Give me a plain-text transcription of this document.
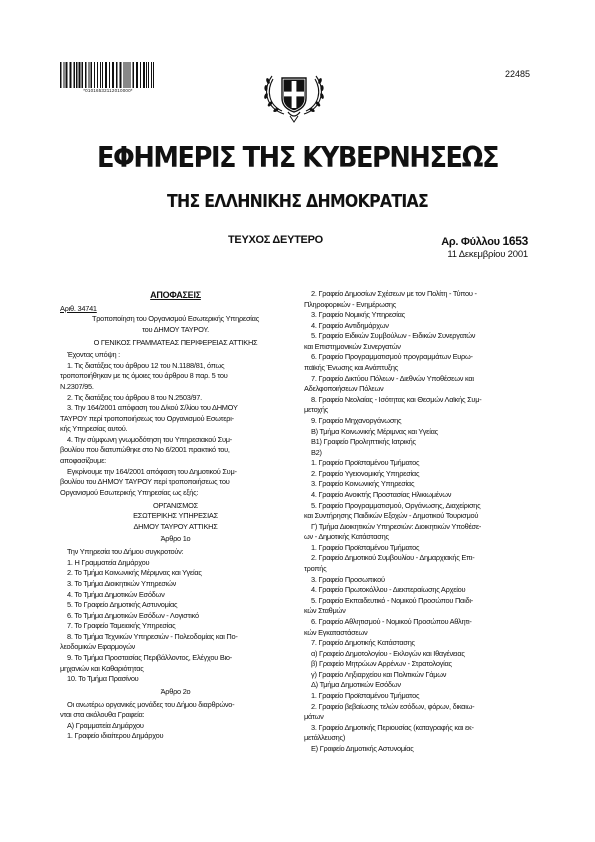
*01016532112010000*
22485
ΕΦΗΜΕΡΙΣ ΤΗΣ ΚΥΒΕΡΝΗΣΕΩΣ
ΤΗΣ ΕΛΛΗΝΙΚΗΣ ΔΗΜΟΚΡΑΤΙΑΣ
ΤΕΥΧΟΣ ΔΕΥΤΕΡΟ	Αρ. Φύλλου 1653
11 Δεκεμβρίου 2001

ΑΠΟΦΑΣΕΙΣ

Αριθ. 34741

Τροποποίηση του Οργανισμού Εσωτερικής Υπηρεσίας

του ΔΗΜΟΥ ΤΑΥΡΟΥ.

Ο ΓΕΝΙΚΟΣ ΓΡΑΜΜΑΤΕΑΣ ΠΕΡΙΦΕΡΕΙΑΣ ΑΤΤΙΚΗΣ

Έχοντας υπόψη :

1. Τις διατάξεις του άρθρου 12 του Ν.1188/81, όπως

τροποποιήθηκαν με τις όμοιες του άρθρου 8 παρ. 5 του

Ν.2307/95.

2. Τις διατάξεις του άρθρου 8 του Ν.2503/97.

3. Την 164/2001 απόφαση του Δ/κού Σ/λίου του ΔΗΜΟΥ

ΤΑΥΡΟΥ περί τροποποιήσεως του Οργανισμού Εσωτερι-

κής Υπηρεσίας αυτού.

4. Την σύμφωνη γνωμοδότηση του Υπηρεσιακού Συμ-

βουλίου που διατυπώθηκε στο Νο 6/2001 πρακτικό του,

αποφασίζουμε:

Εγκρίνουμε την 164/2001 απόφαση του Δημοτικού Συμ-

βουλίου του ΔΗΜΟΥ ΤΑΥΡΟΥ περί τροποποιήσεως του

Οργανισμού Εσωτερικής Υπηρεσίας ως εξής:

ΟΡΓΑΝΙΣΜΟΣ

ΕΣΩΤΕΡΙΚΗΣ ΥΠΗΡΕΣΙΑΣ

ΔΗΜΟΥ ΤΑΥΡΟΥ ΑΤΤΙΚΗΣ

Άρθρο 1ο

Την Υπηρεσία του Δήμου συγκροτούν:

1. Η Γραμματεία Δημάρχου

2. Το Τμήμα Κοινωνικής Μέριμνας και Υγείας

3. Το Τμήμα Διοικητικών Υπηρεσιών

4. Το Τμήμα Δημοτικών Εσόδων

5. Το Γραφείο Δημοτικής Αστυνομίας

6. Το Τμήμα Δημοτικών Εσόδων - Λογιστικό

7. Το Γραφείο Ταμειακής Υπηρεσίας

8. Το Τμήμα Τεχνικών Υπηρεσιών - Πολεοδομίας και Πο-

λεοδομικών Εφαρμογών

9. Το Τμήμα Προστασίας Περιβάλλοντος, Ελέγχου Βιο-

μηχανιών και Καθαριότητας

10. Το Τμήμα Πρασίνου

Άρθρο 2ο

Οι ανωτέρω οργανικές μονάδες του Δήμου διαρθρώνο-

νται στα ακόλουθα Γραφεία:

Α) Γραμματεία Δημάρχου

1. Γραφείο ιδιαίτερου Δημάρχου

2. Γραφείο Δημοσίων Σχέσεων με τον Πολίτη - Τύπου -

Πληροφορικών - Ενημέρωσης

3. Γραφείο Νομικής Υπηρεσίας

4. Γραφείο Αντιδημάρχων

5. Γραφείο Ειδικών Συμβούλων - Ειδικών Συνεργατών

και Επιστημονικών Συνεργατών

6. Γραφείο Προγραμματισμού προγραμμάτων Ευρω-

παϊκής Ένωσης και Ανάπτυξης

7. Γραφείο Δικτύου Πόλεων - Διεθνών Υποθέσεων και

Αδελφοποιήσεων Πόλεων

8. Γραφείο Νεολαίας - Ισότητας και Θεσμών Λαϊκής Συμ-

μετοχής

9. Γραφείο Μηχανοργάνωσης

Β) Τμήμα Κοινωνικής Μέριμνας και Υγείας

Β1) Γραφείο Προληπτικής Ιατρικής

Β2)

1. Γραφείο Προϊσταμένου Τμήματος

2. Γραφείο Υγειονομικής Υπηρεσίας

3. Γραφείο Κοινωνικής Υπηρεσίας

4. Γραφείο Ανοικτής Προστασίας Ηλικιωμένων

5. Γραφείο Προγραμματισμού, Οργάνωσης, Διαχείρισης

και Συντήρησης Παιδικών Εξοχών - Δημοτικού Τουρισμού

Γ) Τμήμα Διοικητικών Υπηρεσιών: Διοικητικών Υποθέσε-

ων - Δημοτικής Κατάστασης

1. Γραφείο Προϊσταμένου Τμήματος

2. Γραφείο Δημοτικού Συμβουλίου - Δημαρχιακής Επι-

τροπής

3. Γραφείο Προσωπικού

4. Γραφείο Πρωτοκόλλου - Διεκπεραίωσης Αρχείου

5. Γραφείο Εκπαιδευτικό - Νομικού Προσώπου Παιδι-

κών Σταθμών

6. Γραφείο Αθλητισμού - Νομικού Προσώπου Αθλητι-

κών Εγκαταστάσεων

7. Γραφείο Δημοτικής Κατάστασης

α) Γραφείο Δημοτολογίου - Εκλογών και Ιθαγένειας

β) Γραφείο Μητρώων Αρρένων - Στρατολογίας

γ) Γραφείο Ληξιαρχείου και Πολιτικών Γάμων

Δ) Τμήμα Δημοτικών Εσόδων

1. Γραφείο Προϊσταμένου Τμήματος

2. Γραφείο βεβαίωσης τελών εσόδων, φόρων, δικαιω-

μάτων

3. Γραφείο Δημοτικής Περιουσίας (καταγραφής και εκ-

μετάλλευσης)

Ε) Γραφείο Δημοτικής Αστυνομίας
